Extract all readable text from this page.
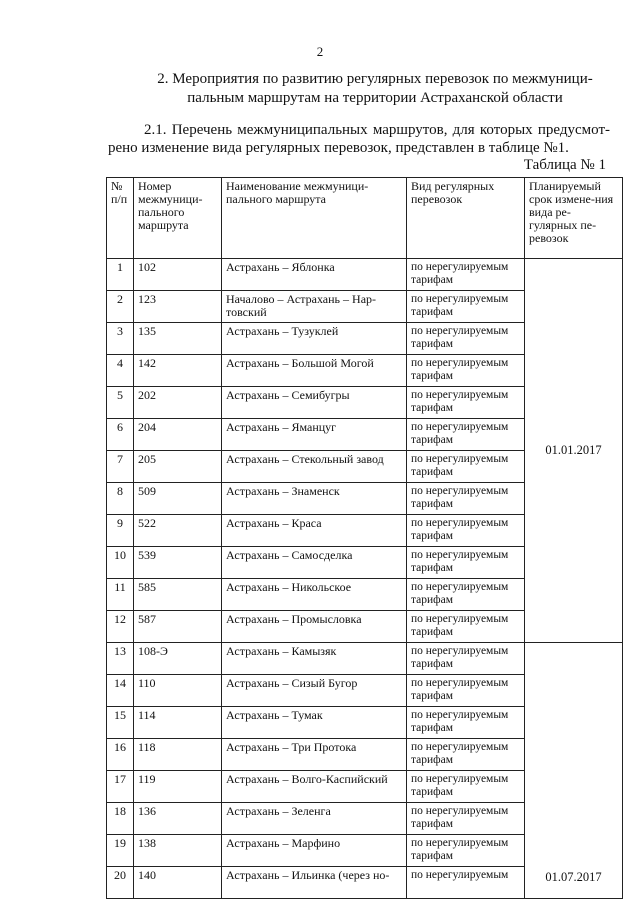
2
2. Мероприятия по развитию регулярных перевозок по межмуници-пальным маршрутам на территории Астраханской области
2.1. Перечень межмуниципальных маршрутов, для которых предусмот-рено изменение вида регулярных перевозок, представлен в таблице №1.
Таблица № 1
№ п/п	Номер межмуници-пального маршрута	Наименование межмуници-пального маршрута	Вид регулярных перевозок	Планируемый срок измене-ния вида ре-гулярных пе-ревозок
1	102	Астрахань – Яблонка	по нерегулируемым тарифам	01.01.2017
2	123	Началово – Астрахань – Нар-товский	по нерегулируемым тарифам	
3	135	Астрахань – Тузуклей	по нерегулируемым тарифам	
4	142	Астрахань – Большой Могой	по нерегулируемым тарифам	
5	202	Астрахань – Семибугры	по нерегулируемым тарифам	
6	204	Астрахань – Яманцуг	по нерегулируемым тарифам	
7	205	Астрахань – Стекольный завод	по нерегулируемым тарифам	
8	509	Астрахань – Знаменск	по нерегулируемым тарифам	
9	522	Астрахань – Краса	по нерегулируемым тарифам	
10	539	Астрахань – Самосделка	по нерегулируемым тарифам	
11	585	Астрахань – Никольское	по нерегулируемым тарифам	
12	587	Астрахань – Промысловка	по нерегулируемым тарифам	
13	108-Э	Астрахань – Камызяк	по нерегулируемым тарифам	01.07.2017
14	110	Астрахань – Сизый Бугор	по нерегулируемым тарифам	
15	114	Астрахань – Тумак	по нерегулируемым тарифам	
16	118	Астрахань – Три Протока	по нерегулируемым тарифам	
17	119	Астрахань – Волго-Каспийский	по нерегулируемым тарифам	
18	136	Астрахань – Зеленга	по нерегулируемым тарифам	
19	138	Астрахань – Марфино	по нерегулируемым тарифам	
20	140	Астрахань – Ильинка (через но-	по нерегулируемым	
